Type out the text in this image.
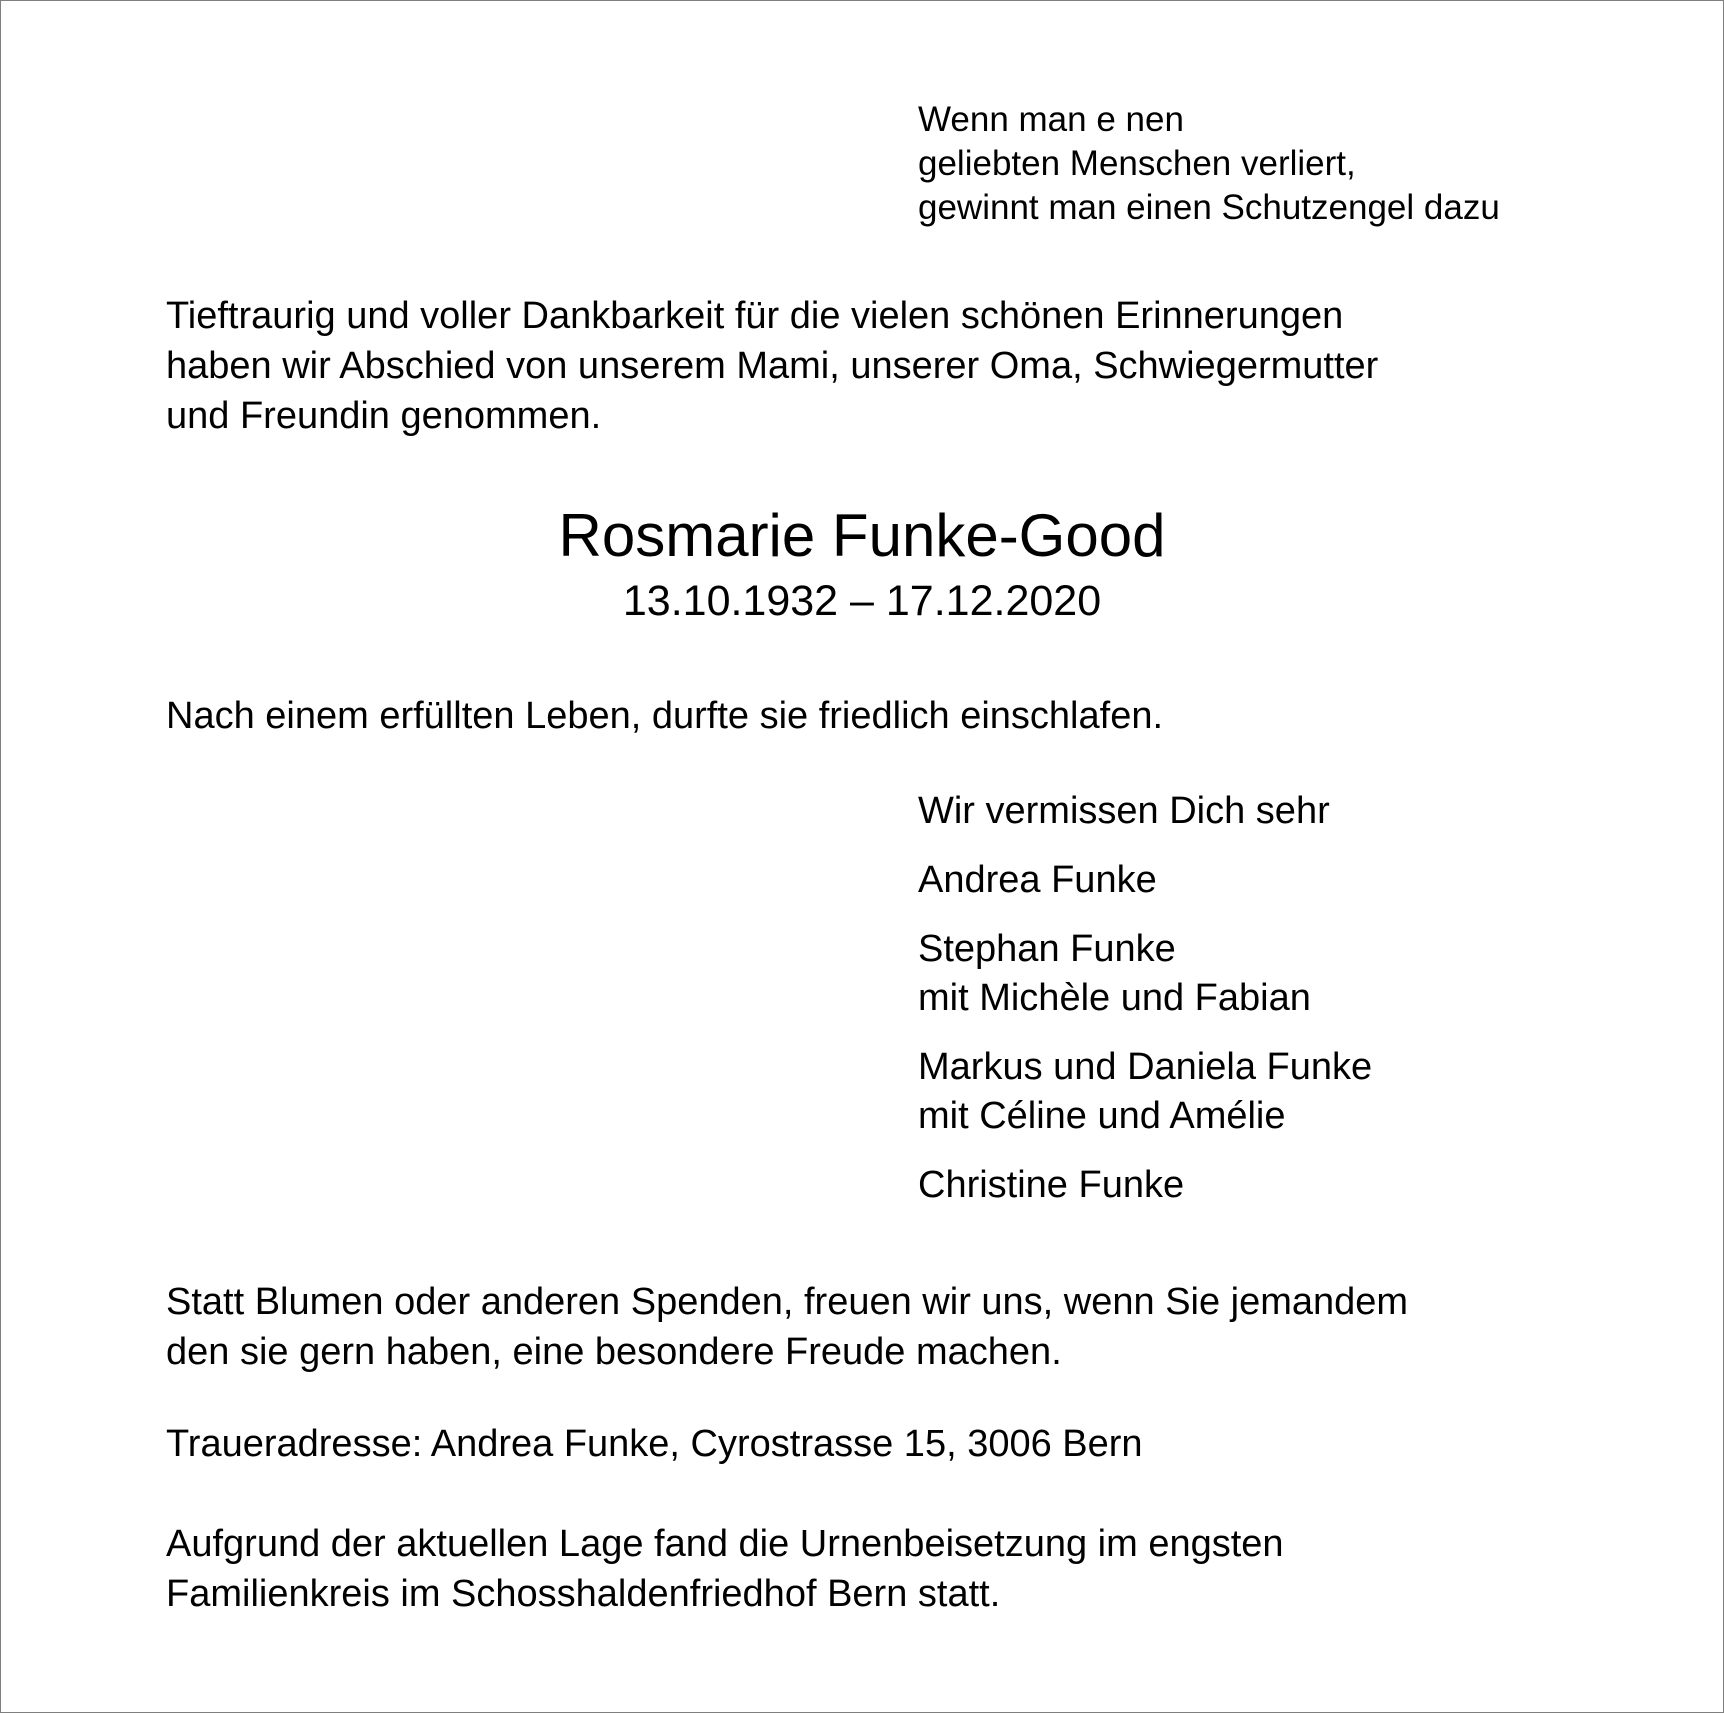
Wenn man e nen
geliebten Menschen verliert,
gewinnt man einen Schutzengel dazu

Tieftraurig und voller Dankbarkeit für die vielen schönen Erinnerungen
haben wir Abschied von unserem Mami, unserer Oma, Schwiegermutter
und Freundin genommen.

Rosmarie Funke-Good
13.10.1932 – 17.12.2020

Nach einem erfüllten Leben, durfte sie friedlich einschlafen.

Wir vermissen Dich sehr
Andrea Funke
Stephan Funke
mit Michèle und Fabian
Markus und Daniela Funke
mit Céline und Amélie
Christine Funke

Statt Blumen oder anderen Spenden, freuen wir uns, wenn Sie jemandem
den sie gern haben, eine besondere Freude machen.

Traueradresse: Andrea Funke, Cyrostrasse 15, 3006 Bern

Aufgrund der aktuellen Lage fand die Urnenbeisetzung im engsten
Familienkreis im Schosshaldenfriedhof Bern statt.
